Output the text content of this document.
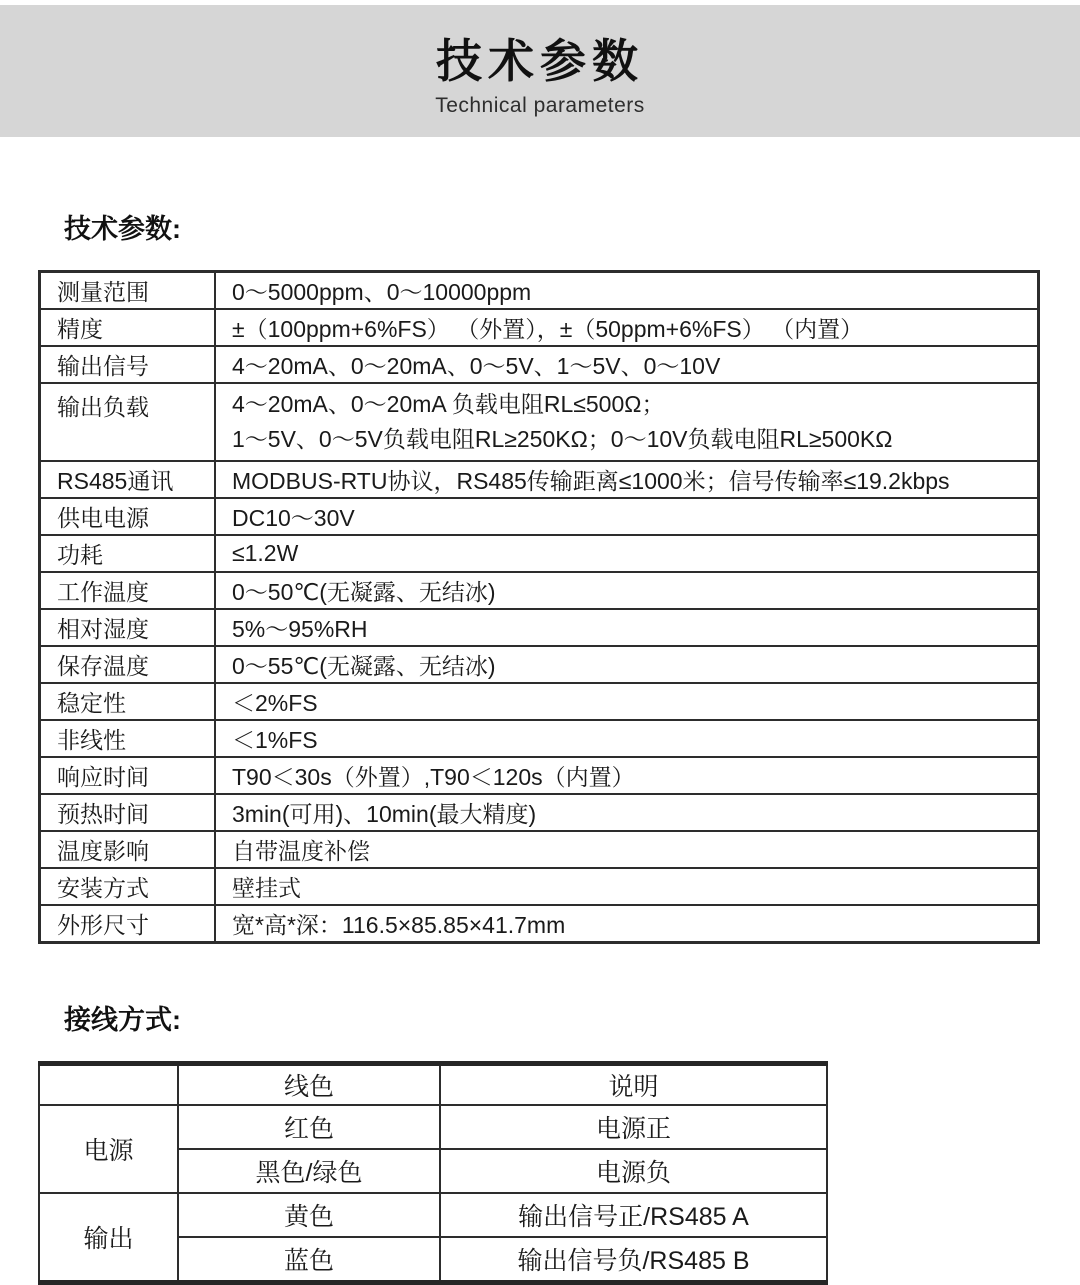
技术参数
Technical parameters
技术参数:
测量范围	0～5000ppm、0～10000ppm
精度	±（100ppm+6%FS） （外置），±（50ppm+6%FS） （内置）
输出信号	4～20mA、0～20mA、0～5V、1～5V、0～10V
输出负载	4～20mA、0～20mA 负载电阻RL≤500Ω；
1～5V、0～5V负载电阻RL≥250KΩ；0～10V负载电阻RL≥500KΩ

RS485通讯	MODBUS-RTU协议，RS485传输距离≤1000米；信号传输率≤19.2kbps
供电电源	DC10～30V
功耗	≤1.2W
工作温度	0～50℃(无凝露、无结冰)
相对湿度	5%～95%RH
保存温度	0～55℃(无凝露、无结冰)
稳定性	＜2%FS
非线性	＜1%FS
响应时间	T90＜30s（外置）,T90＜120s（内置）
预热时间	3min(可用)、10min(最大精度)
温度影响	自带温度补偿
安装方式	壁挂式
外形尺寸	宽*高*深：116.5×85.85×41.7mm
接线方式:
	线色	说明
电源	红色	电源正
	黑色/绿色	电源负
输出	黄色	输出信号正/RS485 A
	蓝色	输出信号负/RS485 B
